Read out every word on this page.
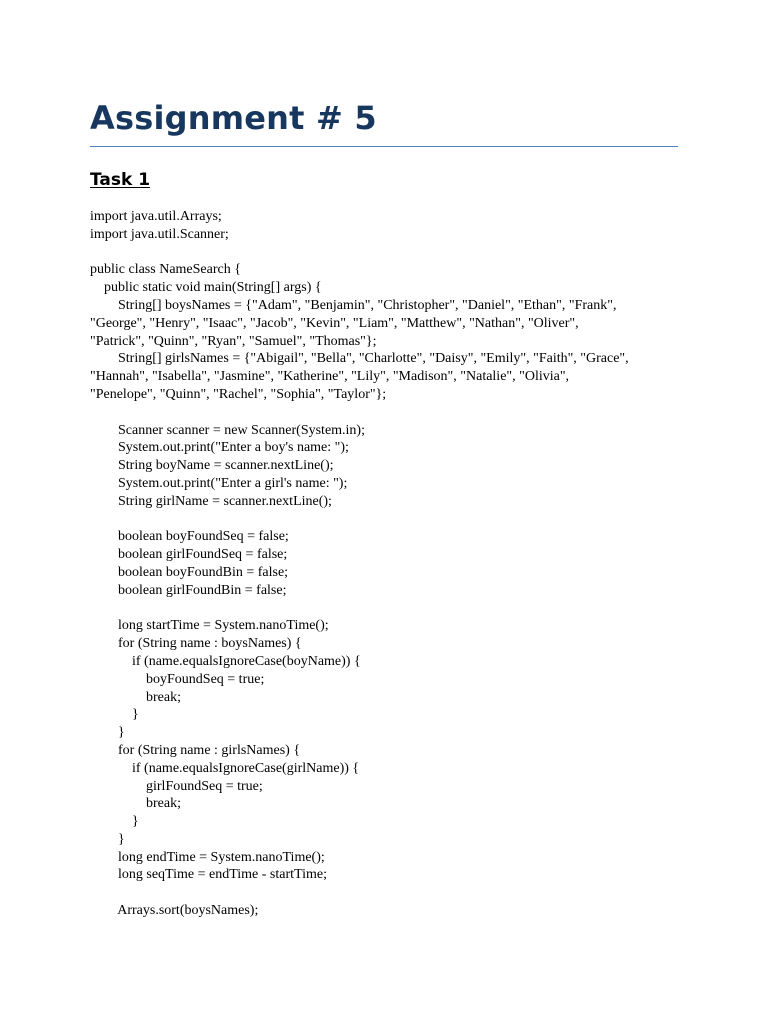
Assignment # 5
Task 1
import java.util.Arrays;
import java.util.Scanner;
public class NameSearch {
public static void main(String[] args) {
String[] boysNames = {"Adam", "Benjamin", "Christopher", "Daniel", "Ethan", "Frank",
"George", "Henry", "Isaac", "Jacob", "Kevin", "Liam", "Matthew", "Nathan", "Oliver",
"Patrick", "Quinn", "Ryan", "Samuel", "Thomas"};
String[] girlsNames = {"Abigail", "Bella", "Charlotte", "Daisy", "Emily", "Faith", "Grace",
"Hannah", "Isabella", "Jasmine", "Katherine", "Lily", "Madison", "Natalie", "Olivia",
"Penelope", "Quinn", "Rachel", "Sophia", "Taylor"};
Scanner scanner = new Scanner(System.in);
System.out.print("Enter a boy's name: ");
String boyName = scanner.nextLine();
System.out.print("Enter a girl's name: ");
String girlName = scanner.nextLine();
boolean boyFoundSeq = false;
boolean girlFoundSeq = false;
boolean boyFoundBin = false;
boolean girlFoundBin = false;
long startTime = System.nanoTime();
for (String name : boysNames) {
if (name.equalsIgnoreCase(boyName)) {
boyFoundSeq = true;
break;
}
}
for (String name : girlsNames) {
if (name.equalsIgnoreCase(girlName)) {
girlFoundSeq = true;
break;
}
}
long endTime = System.nanoTime();
long seqTime = endTime - startTime;
Arrays.sort(boysNames);
